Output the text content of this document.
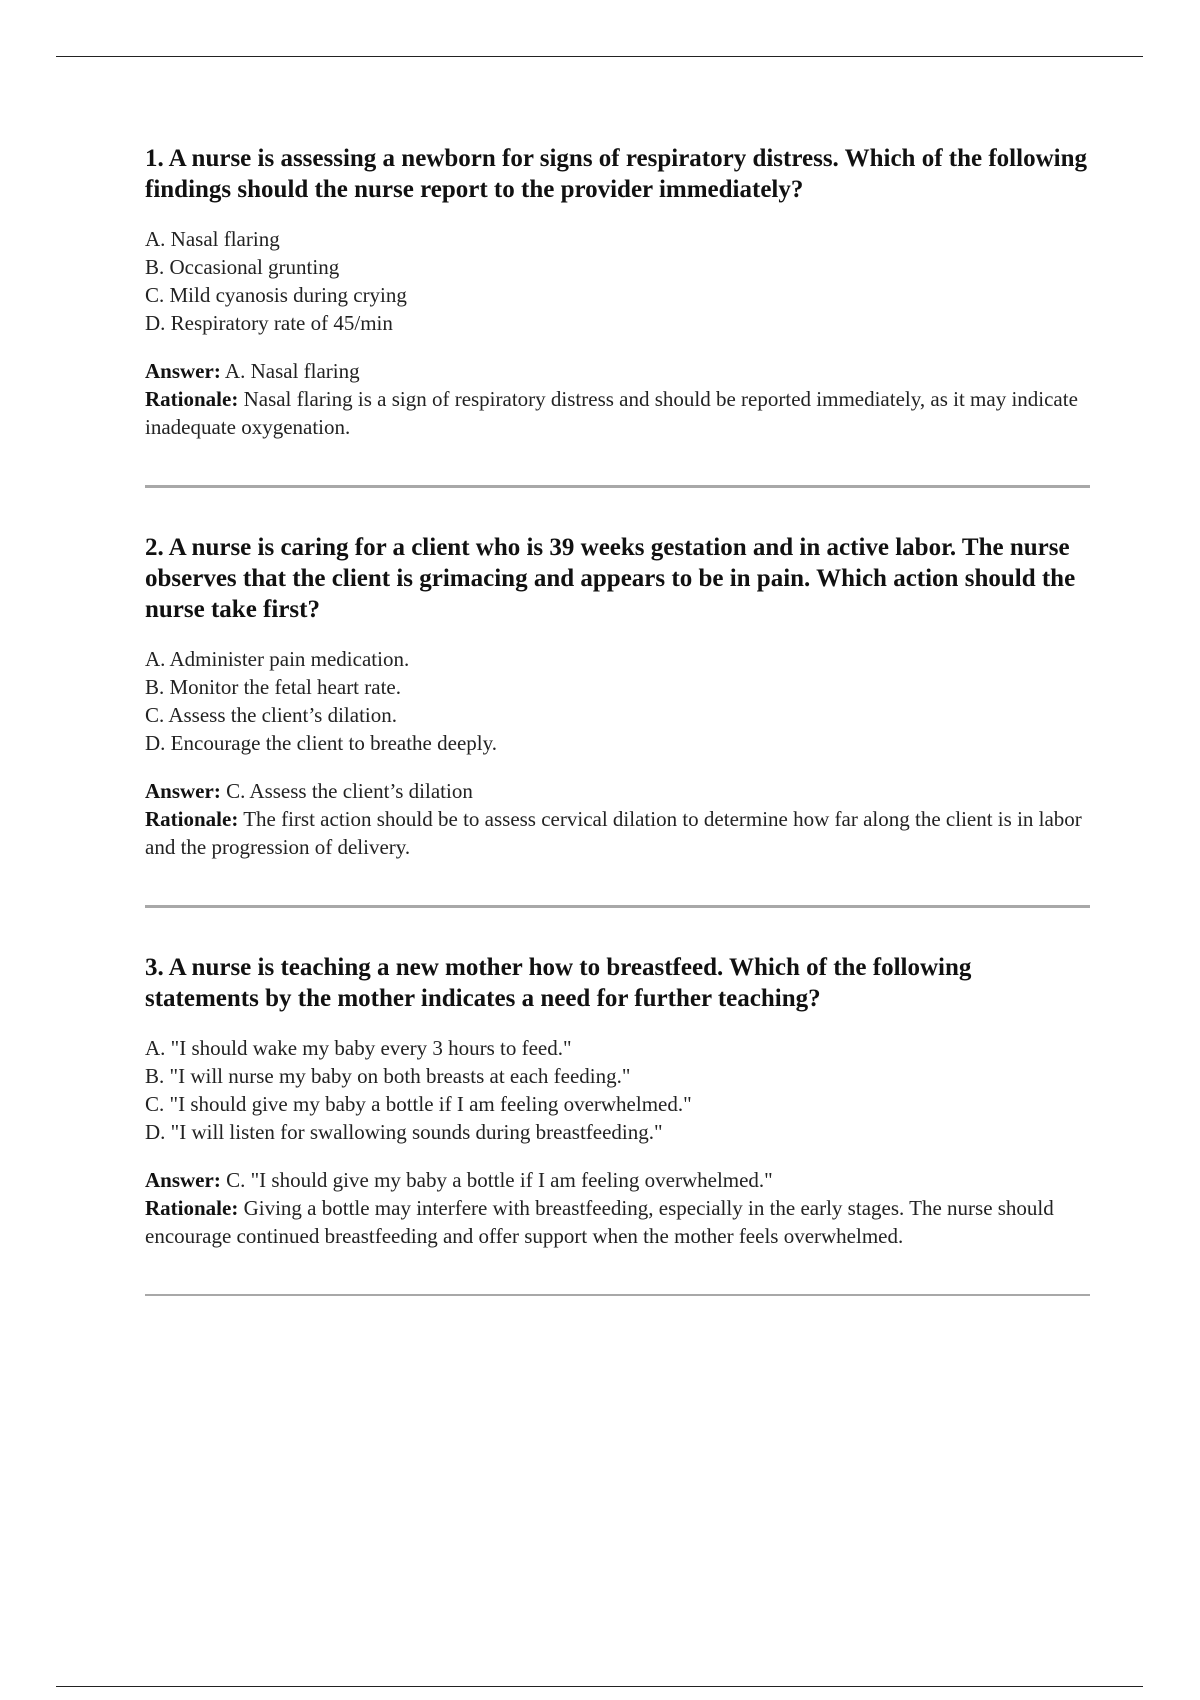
1. A nurse is assessing a newborn for signs of respiratory distress. Which of the following findings should the nurse report to the provider immediately?

A. Nasal flaring
B. Occasional grunting
C. Mild cyanosis during crying
D. Respiratory rate of 45/min

Answer: A. Nasal flaring

Rationale: Nasal flaring is a sign of respiratory distress and should be reported immediately, as it may indicate inadequate oxygenation.

2. A nurse is caring for a client who is 39 weeks gestation and in active labor. The nurse observes that the client is grimacing and appears to be in pain. Which action should the nurse take first?

A. Administer pain medication.
B. Monitor the fetal heart rate.
C. Assess the client’s dilation.
D. Encourage the client to breathe deeply.

Answer: C. Assess the client’s dilation

Rationale: The first action should be to assess cervical dilation to determine how far along the client is in labor and the progression of delivery.

3. A nurse is teaching a new mother how to breastfeed. Which of the following statements by the mother indicates a need for further teaching?

A. "I should wake my baby every 3 hours to feed."
B. "I will nurse my baby on both breasts at each feeding."
C. "I should give my baby a bottle if I am feeling overwhelmed."
D. "I will listen for swallowing sounds during breastfeeding."

Answer: C. "I should give my baby a bottle if I am feeling overwhelmed."

Rationale: Giving a bottle may interfere with breastfeeding, especially in the early stages. The nurse should encourage continued breastfeeding and offer support when the mother feels overwhelmed.
